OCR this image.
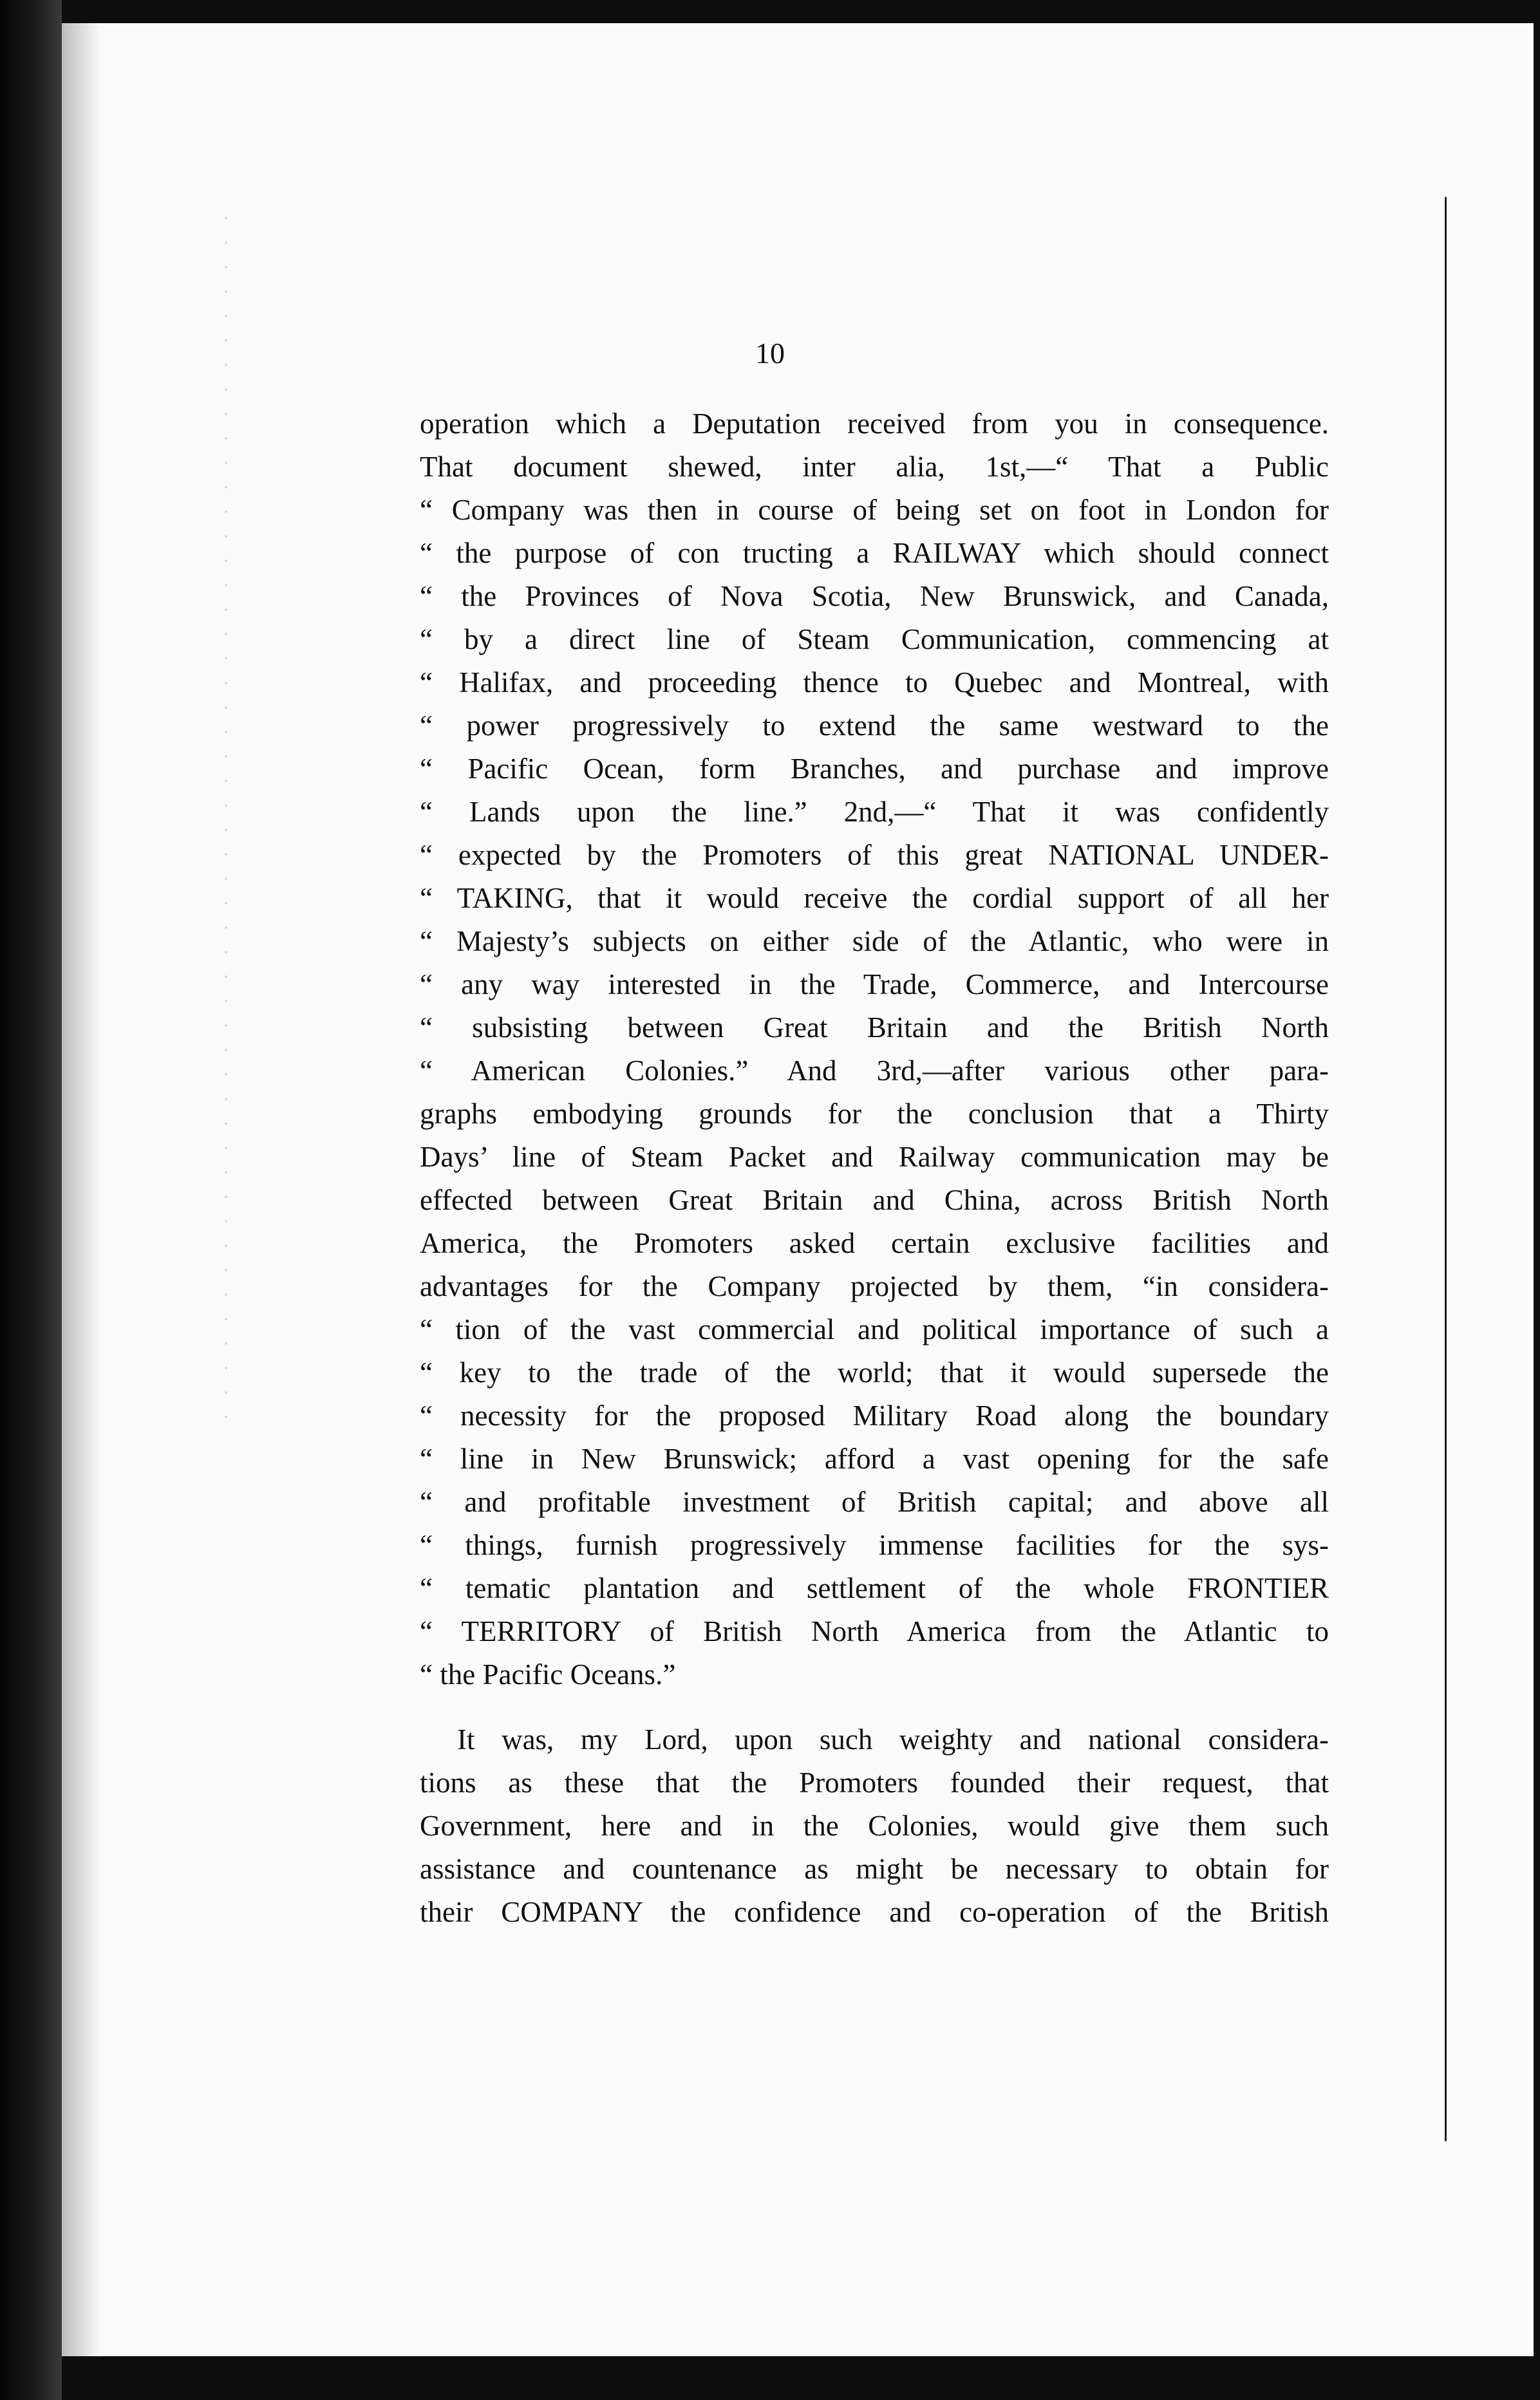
10
operation which a Deputation received from you in consequence.
That document shewed, inter alia, 1st,—“ That a Public
“ Company was then in course of being set on foot in London for
“ the purpose of con tructing a RAILWAY which should connect
“ the Provinces of Nova Scotia, New Brunswick, and Canada,
“ by a direct line of Steam Communication, commencing at
“ Halifax, and proceeding thence to Quebec and Montreal, with
“ power progressively to extend the same westward to the
“ Pacific Ocean, form Branches, and purchase and improve
“ Lands upon the line.” 2nd,—“ That it was confidently
“ expected by the Promoters of this great NATIONAL UNDER-
“ TAKING, that it would receive the cordial support of all her
“ Majesty’s subjects on either side of the Atlantic, who were in
“ any way interested in the Trade, Commerce, and Intercourse
“ subsisting between Great Britain and the British North
“ American Colonies.” And 3rd,—after various other para-
graphs embodying grounds for the conclusion that a Thirty
Days’ line of Steam Packet and Railway communication may be
effected between Great Britain and China, across British North
America, the Promoters asked certain exclusive facilities and
advantages for the Company projected by them, “in considera-
“ tion of the vast commercial and political importance of such a
“ key to the trade of the world; that it would supersede the
“ necessity for the proposed Military Road along the boundary
“ line in New Brunswick; afford a vast opening for the safe
“ and profitable investment of British capital; and above all
“ things, furnish progressively immense facilities for the sys-
“ tematic plantation and settlement of the whole FRONTIER
“ TERRITORY of British North America from the Atlantic to
“ the Pacific Oceans.”
It was, my Lord, upon such weighty and national considera-
tions as these that the Promoters founded their request, that
Government, here and in the Colonies, would give them such
assistance and countenance as might be necessary to obtain for
their COMPANY the confidence and co-operation of the British
